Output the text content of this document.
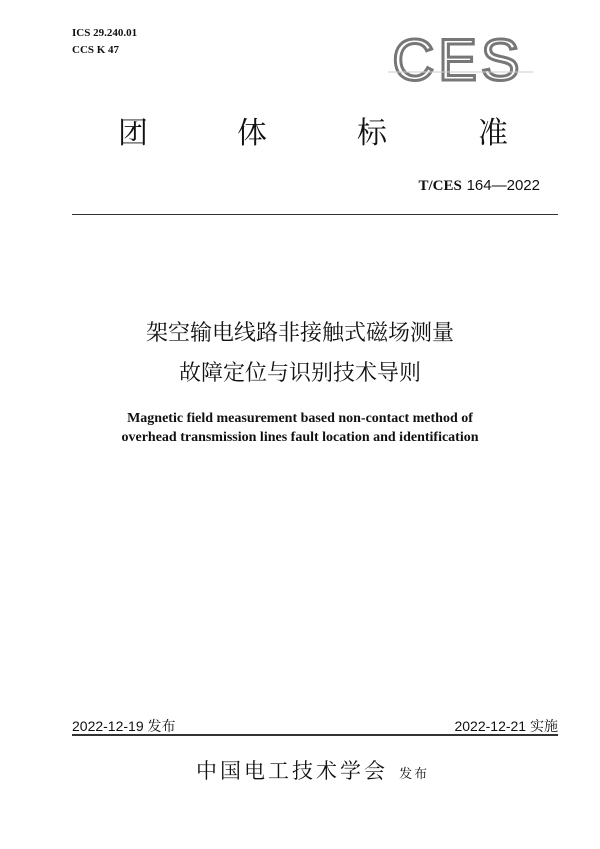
ICS 29.240.01
CCS K 47	CES
团	体	标	准
T/CES 164—2022
架空输电线路非接触式磁场测量
故障定位与识别技术导则
Magnetic field measurement based non-contact method of
overhead transmission lines fault location and identification
2022-12-19 发布	2022-12-21 实施
中国电工技术学会 发布
